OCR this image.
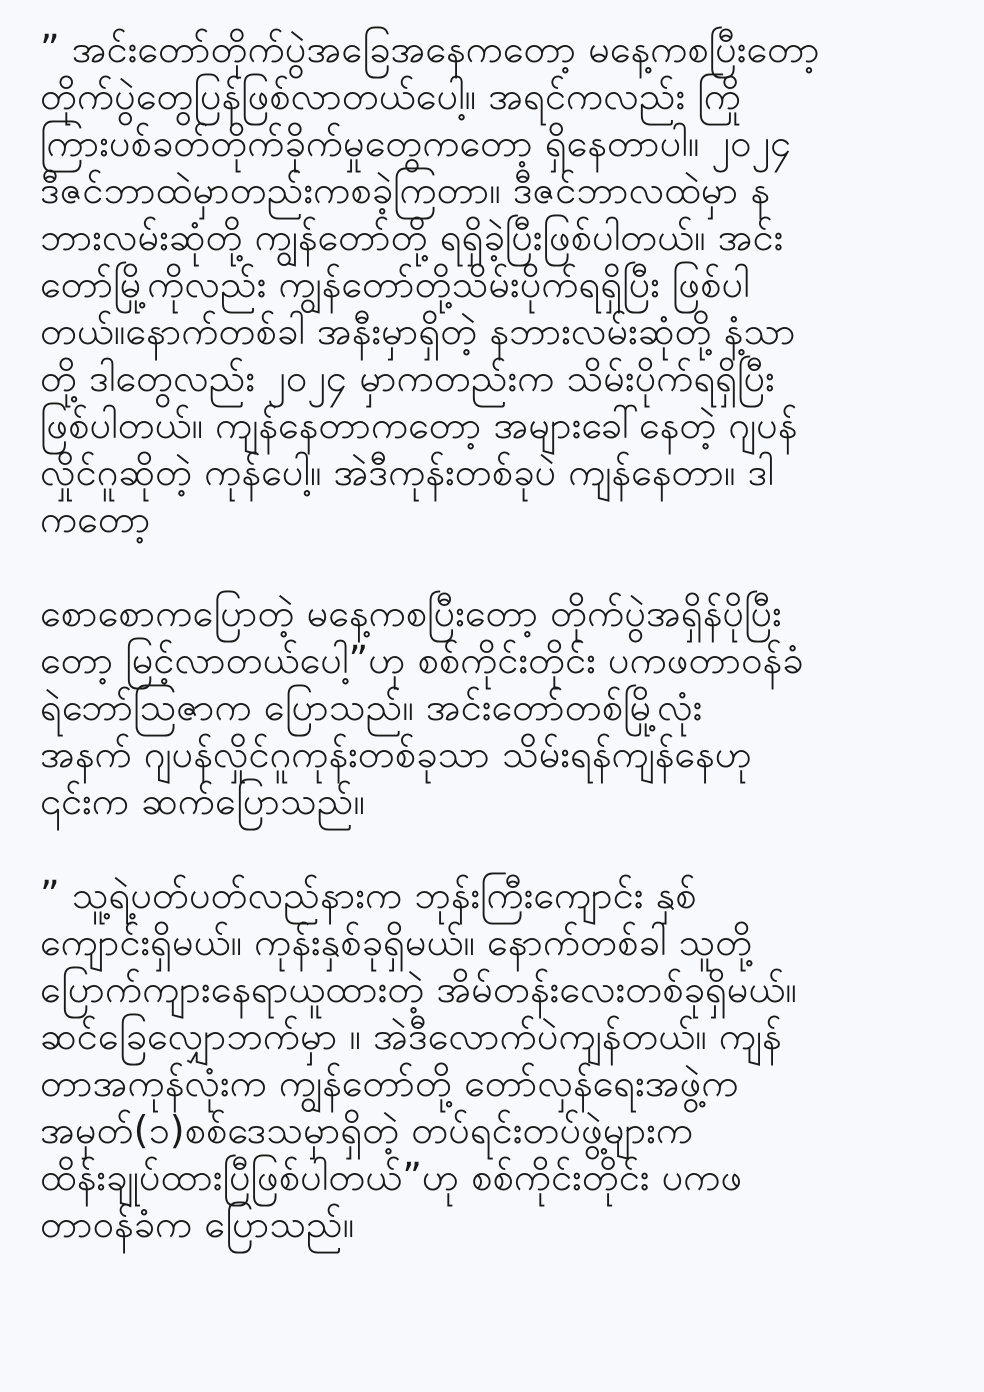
” အင်းတော်တိုက်ပွဲအခြေအနေကတော့ မနေ့ကစပြီးတော့
တိုက်ပွဲတွေပြန်ဖြစ်လာတယ်ပေါ့။ အရင်ကလည်း ကြို
ကြားပစ်ခတ်တိုက်ခိုက်မှုတွေကတော့ ရှိနေတာပါ။ ၂၀၂၄
ဒီဇင်ဘာထဲမှာတည်းကစခဲ့ကြတာ။ ဒီဇင်ဘာလထဲမှာ န
ဘားလမ်းဆုံတို့ ကျွန်တော်တို့ ရရှိခဲ့ပြီးဖြစ်ပါတယ်။ အင်း
တော်မြို့ကိုလည်း ကျွန်တော်တို့သိမ်းပိုက်ရရှိပြီး ဖြစ်ပါ
တယ်။နောက်တစ်ခါ အနီးမှာရှိတဲ့ နဘားလမ်းဆုံတို့ နံ့သာ
တို့ ဒါတွေလည်း ၂၀၂၄ မှာကတည်းက သိမ်းပိုက်ရရှိပြီး
ဖြစ်ပါတယ်။ ကျန်နေတာကတော့ အများခေါ်နေတဲ့ ဂျပန်
လှိုင်ဂူဆိုတဲ့ ကုန်ပေါ့။ အဲဒီကုန်းတစ်ခုပဲ ကျန်နေတာ။ ဒါ
ကတော့

စောစောကပြောတဲ့ မနေ့ကစပြီးတော့ တိုက်ပွဲအရှိန်ပိုပြီး
တော့ မြင့်လာတယ်ပေါ့”ဟု စစ်ကိုင်းတိုင်း ပကဖတာဝန်ခံ
ရဲဘော်သြဇာက ပြောသည်။ အင်းတော်တစ်မြို့လုံး
အနက် ဂျပန်လှိုင်ဂူကုန်းတစ်ခုသာ သိမ်းရန်ကျန်နေဟု
၎င်းက ဆက်ပြောသည်။

” သူ့ရဲ့ပတ်ပတ်လည်နားက ဘုန်းကြီးကျောင်း နှစ်
ကျောင်းရှိမယ်။ ကုန်းနှစ်ခုရှိမယ်။ နောက်တစ်ခါ သူတို့
ပြောက်ကျားနေရာယူထားတဲ့ အိမ်တန်းလေးတစ်ခုရှိမယ်။
ဆင်ခြေလျှောဘက်မှာ ။ အဲဒီလောက်ပဲကျန်တယ်။ ကျန်
တာအကုန်လုံးက ကျွန်တော်တို့ တော်လှန်ရေးအဖွဲ့က
အမှတ်(၁)စစ်ဒေသမှာရှိတဲ့ တပ်ရင်းတပ်ဖွဲ့များက
ထိန်းချုပ်ထားပြီဖြစ်ပါတယ်”ဟု စစ်ကိုင်းတိုင်း ပကဖ
တာဝန်ခံက ပြောသည်။
